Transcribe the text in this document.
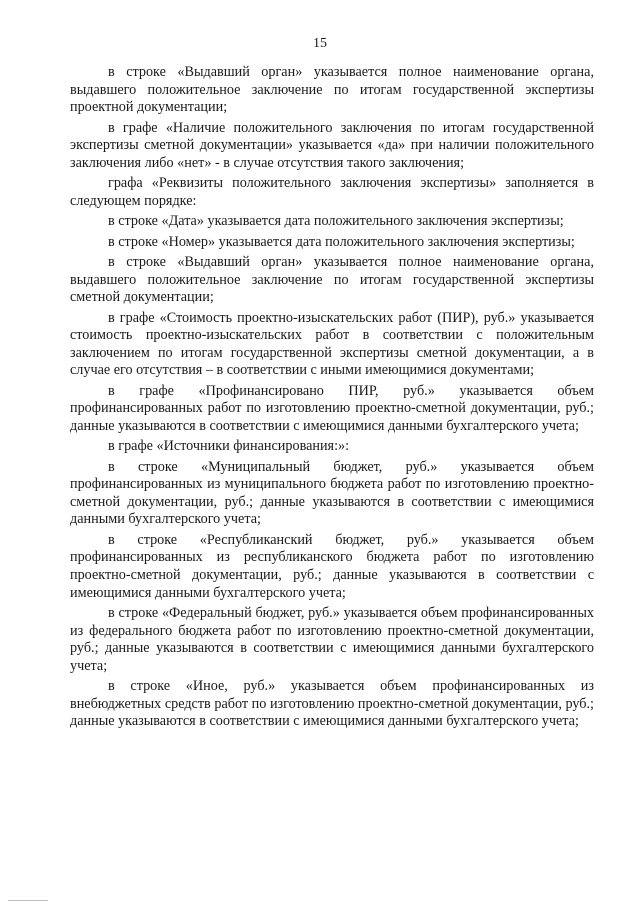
15

в строке «Выдавший орган» указывается полное наименование органа, выдавшего положительное заключение по итогам государственной экспертизы проектной документации;

в графе «Наличие положительного заключения по итогам государственной экспертизы сметной документации» указывается «да» при наличии положительного заключения либо «нет» - в случае отсутствия такого заключения;

графа «Реквизиты положительного заключения экспертизы» заполняется в следующем порядке:

в строке «Дата» указывается дата положительного заключения экспертизы;

в строке «Номер» указывается дата положительного заключения экспертизы;

в строке «Выдавший орган» указывается полное наименование органа, выдавшего положительное заключение по итогам государственной экспертизы сметной документации;

в графе «Стоимость проектно-изыскательских работ (ПИР), руб.» указывается стоимость проектно-изыскательских работ в соответствии с положительным заключением по итогам государственной экспертизы сметной документации, а в случае его отсутствия – в соответствии с иными имеющимися документами;

в графе «Профинансировано ПИР, руб.» указывается объем профинансированных работ по изготовлению проектно-сметной документации, руб.; данные указываются в соответствии с имеющимися данными бухгалтерского учета;

в графе «Источники финансирования:»:

в строке «Муниципальный бюджет, руб.» указывается объем профинансированных из муниципального бюджета работ по изготовлению проектно-сметной документации, руб.; данные указываются в соответствии с имеющимися данными бухгалтерского учета;

в строке «Республиканский бюджет, руб.» указывается объем профинансированных из республиканского бюджета работ по изготовлению проектно-сметной документации, руб.; данные указываются в соответствии с имеющимися данными бухгалтерского учета;

в строке «Федеральный бюджет, руб.» указывается объем профинансированных из федерального бюджета работ по изготовлению проектно-сметной документации, руб.; данные указываются в соответствии с имеющимися данными бухгалтерского учета;

в строке «Иное, руб.» указывается объем профинансированных из внебюджетных средств работ по изготовлению проектно-сметной документации, руб.; данные указываются в соответствии с имеющимися данными бухгалтерского учета;
